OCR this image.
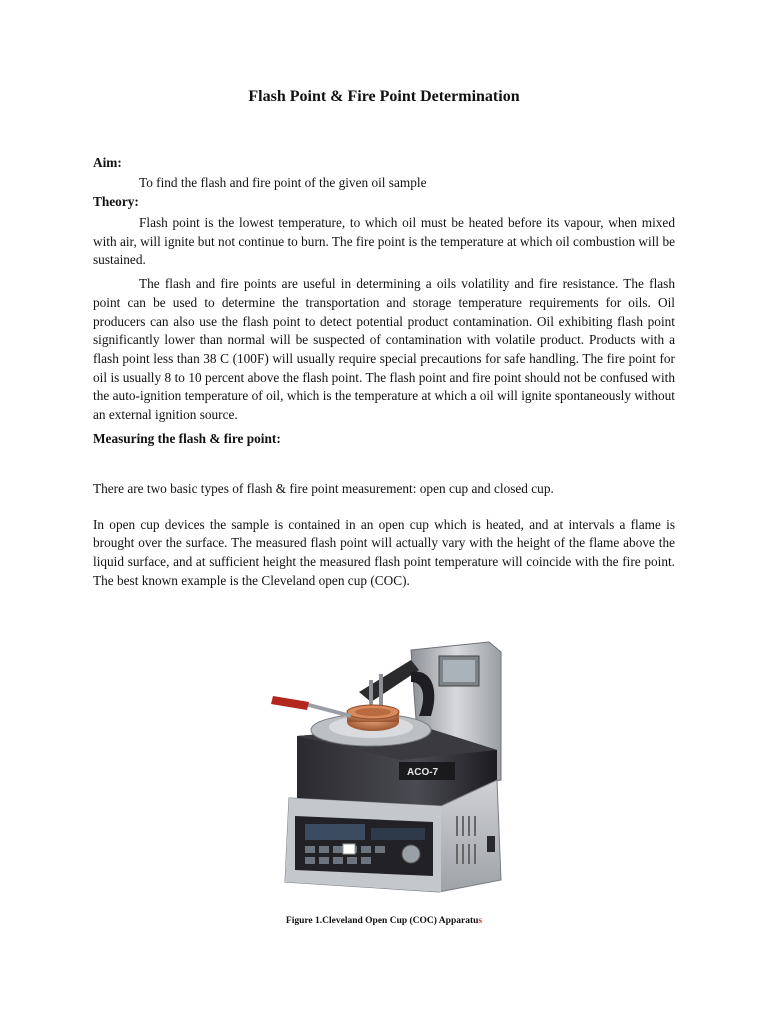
Flash Point & Fire Point Determination
Aim:
To find the flash and fire point of the given oil sample
Theory:
Flash point is the lowest temperature, to which oil must be heated before its vapour, when mixed with air, will ignite but not continue to burn. The fire point is the temperature at which oil combustion will be sustained.
The flash and fire points are useful in determining a oils volatility and fire resistance. The flash point can be used to determine the transportation and storage temperature requirements for oils. Oil producers can also use the flash point to detect potential product contamination. Oil exhibiting flash point significantly lower than normal will be suspected of contamination with volatile product. Products with a flash point less than 38 C (100F) will usually require special precautions for safe handling. The fire point for oil is usually 8 to 10 percent above the flash point. The flash point and fire point should not be confused with the auto-ignition temperature of oil, which is the temperature at which a oil will ignite spontaneously without an external ignition source.
Measuring the flash & fire point:
There are two basic types of flash & fire point measurement: open cup and closed cup.
In open cup devices the sample is contained in an open cup which is heated, and at intervals a flame is brought over the surface. The measured flash point will actually vary with the height of the flame above the liquid surface, and at sufficient height the measured flash point temperature will coincide with the fire point. The best known example is the Cleveland open cup (COC).
ACO-7
Figure 1.Cleveland Open Cup (COC) Apparatus
